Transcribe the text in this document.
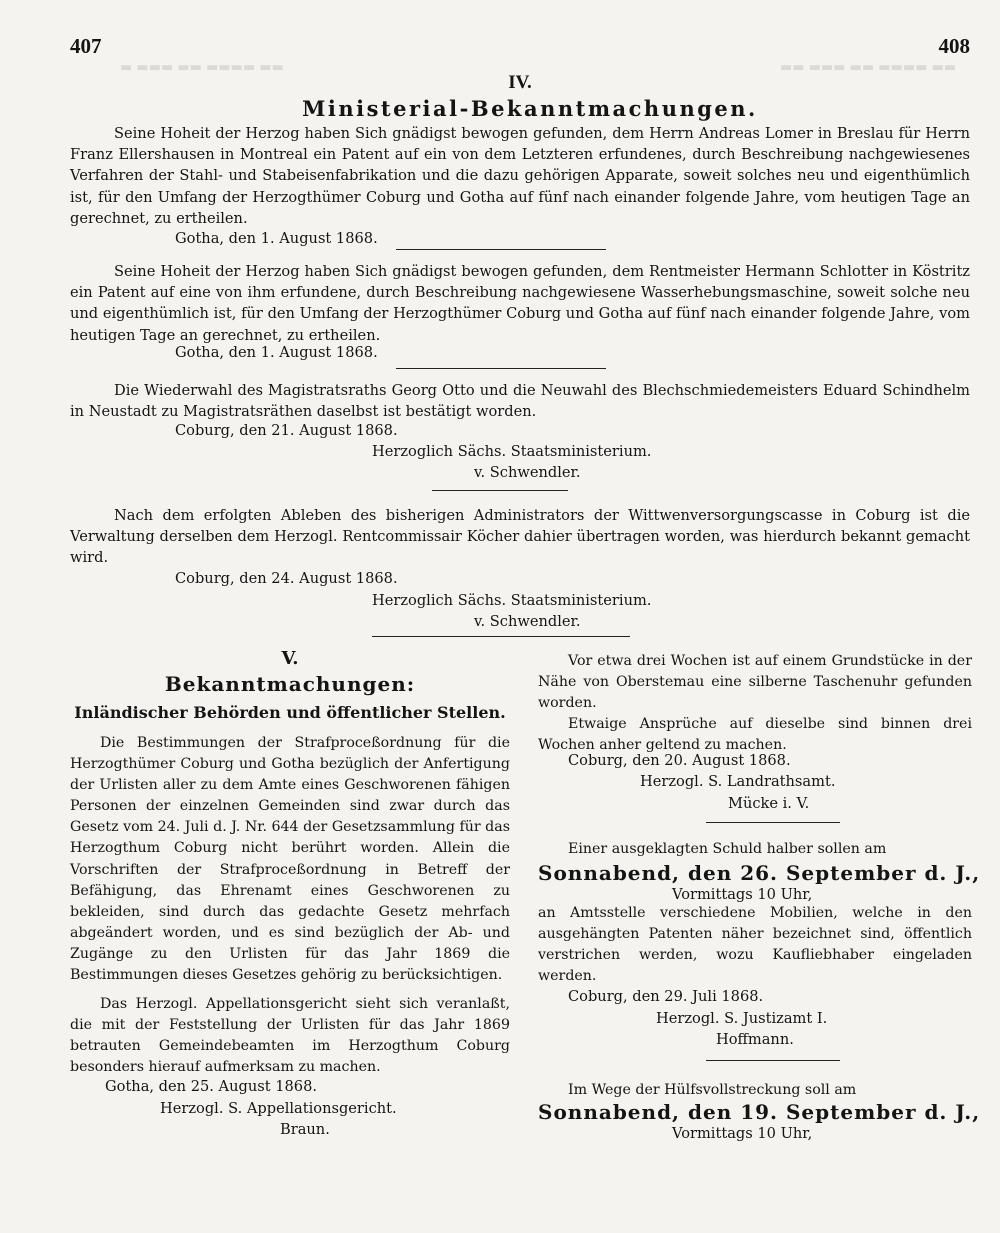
407	408
▬ ▬▬▬ ▬▬ ▬▬▬▬ ▬▬	▬▬ ▬▬▬ ▬▬ ▬▬▬▬ ▬▬
IV.
Ministerial-Bekanntmachungen.

Seine Hoheit der Herzog haben Sich gnädigst bewogen gefunden, dem Herrn Andreas Lomer in Breslau für Herrn Franz Ellershausen in Montreal ein Patent auf ein von dem Letzteren erfundenes, durch Beschreibung nachgewiesenes Verfahren der Stahl- und Stabeisenfabrikation und die dazu gehörigen Apparate, soweit solches neu und eigenthümlich ist, für den Umfang der Herzogthümer Coburg und Gotha auf fünf nach einander folgende Jahre, vom heutigen Tage an gerechnet, zu ertheilen.

Gotha, den 1. August 1868.

Seine Hoheit der Herzog haben Sich gnädigst bewogen gefunden, dem Rentmeister Hermann Schlotter in Köstritz ein Patent auf eine von ihm erfundene, durch Beschreibung nachgewiesene Wasserhebungsmaschine, soweit solche neu und eigenthümlich ist, für den Umfang der Herzogthümer Coburg und Gotha auf fünf nach einander folgende Jahre, vom heutigen Tage an gerechnet, zu ertheilen.

Gotha, den 1. August 1868.

Die Wiederwahl des Magistratsraths Georg Otto und die Neuwahl des Blechschmiedemeisters Eduard Schindhelm in Neustadt zu Magistratsräthen daselbst ist bestätigt worden.

Coburg, den 21. August 1868.
Herzoglich Sächs. Staatsministerium.
v. Schwendler.

Nach dem erfolgten Ableben des bisherigen Administrators der Wittwenversorgungscasse in Coburg ist die Verwaltung derselben dem Herzogl. Rentcommissair Köcher dahier übertragen worden, was hierdurch bekannt gemacht wird.

Coburg, den 24. August 1868.
Herzoglich Sächs. Staatsministerium.
v. Schwendler.
V.
Bekanntmachungen:
Inländischer Behörden und öffentlicher Stellen.

Die Bestimmungen der Strafproceßordnung für die Herzogthümer Coburg und Gotha bezüglich der Anfertigung der Urlisten aller zu dem Amte eines Geschworenen fähigen Personen der einzelnen Gemeinden sind zwar durch das Gesetz vom 24. Juli d. J. Nr. 644 der Gesetzsammlung für das Herzogthum Coburg nicht berührt worden. Allein die Vorschriften der Strafproceßordnung in Betreff der Befähigung, das Ehrenamt eines Geschworenen zu bekleiden, sind durch das gedachte Gesetz mehrfach abgeändert worden, und es sind bezüglich der Ab- und Zugänge zu den Urlisten für das Jahr 1869 die Bestimmungen dieses Gesetzes gehörig zu berücksichtigen.

Das Herzogl. Appellationsgericht sieht sich veranlaßt, die mit der Feststellung der Urlisten für das Jahr 1869 betrauten Gemeindebeamten im Herzogthum Coburg besonders hierauf aufmerksam zu machen.

Gotha, den 25. August 1868.
Herzogl. S. Appellationsgericht.
Braun.

Vor etwa drei Wochen ist auf einem Grundstücke in der Nähe von Oberstemau eine silberne Taschenuhr gefunden worden.

Etwaige Ansprüche auf dieselbe sind binnen drei Wochen anher geltend zu machen.

Coburg, den 20. August 1868.
Herzogl. S. Landrathsamt.
Mücke i. V.

Einer ausgeklagten Schuld halber sollen am

Sonnabend, den 26. September d. J.,
Vormittags 10 Uhr,

an Amtsstelle verschiedene Mobilien, welche in den ausgehängten Patenten näher bezeichnet sind, öffentlich verstrichen werden, wozu Kaufliebhaber eingeladen werden.

Coburg, den 29. Juli 1868.
Herzogl. S. Justizamt I.
Hoffmann.

Im Wege der Hülfsvollstreckung soll am

Sonnabend, den 19. September d. J.,
Vormittags 10 Uhr,
